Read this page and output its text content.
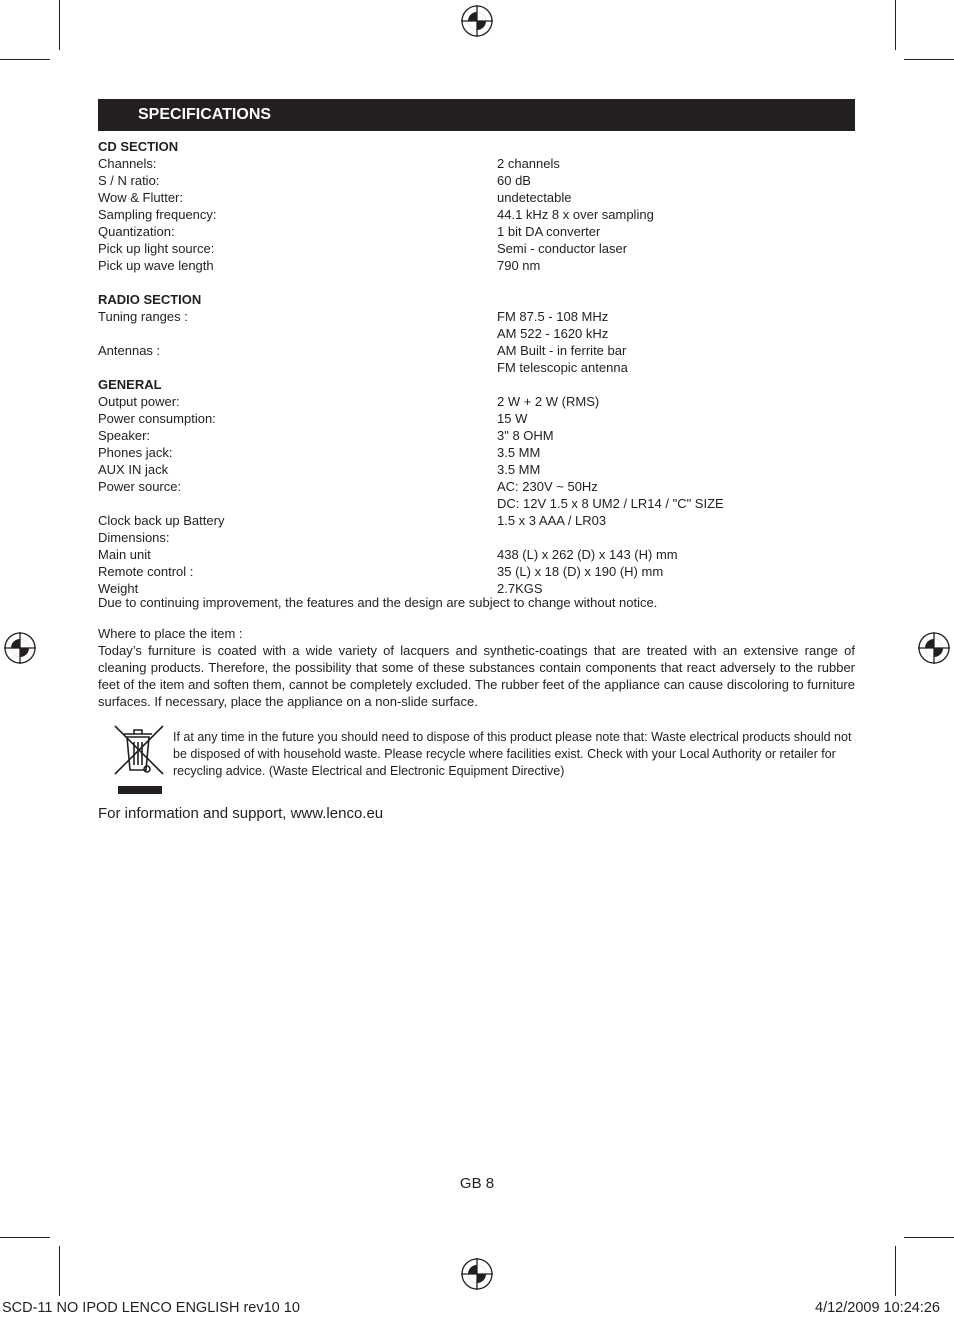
SPECIFICATIONS
CD SECTION
Channels:	2 channels
S / N ratio:	60 dB
Wow & Flutter:	undetectable
Sampling frequency:	44.1 kHz 8 x over sampling
Quantization:	1 bit DA converter
Pick up light source:	Semi - conductor laser
Pick up wave length	790 nm
RADIO SECTION
Tuning ranges :	FM 87.5 - 108 MHz
AM 522 - 1620 kHz
Antennas :	AM Built - in ferrite bar
FM telescopic antenna
GENERAL
Output power:	2 W + 2 W (RMS)
Power consumption:	15 W
Speaker:	3" 8 OHM
Phones jack:	3.5 MM
AUX IN jack	3.5 MM
Power source:	AC: 230V ~ 50Hz
DC: 12V 1.5 x 8 UM2 / LR14 / "C" SIZE
Clock back up Battery	1.5 x 3 AAA / LR03
Dimensions:
Main unit	438 (L) x 262 (D) x 143 (H) mm
Remote control :	35 (L) x 18 (D) x 190 (H) mm
Weight	2.7KGS
Due to continuing improvement, the features and the design are subject to change without notice.
Where to place the item :

Today’s furniture is coated with a wide variety of lacquers and synthetic-coatings that are treated with an extensive range of cleaning products. Therefore, the possibility that some of these substances contain components that react adversely to the rubber feet of the item and soften them, cannot be completely excluded. The rubber feet of the appliance can cause discoloring to furniture surfaces. If necessary, place the appliance on a non-slide surface.

If at any time in the future you should need to dispose of this product please note that: Waste electrical products should not be disposed of with household waste. Please recycle where facilities exist. Check with your Local Authority or retailer for recycling advice. (Waste Electrical and Electronic Equipment Directive)
For information and support, www.lenco.eu
GB 8
SCD-11 NO IPOD LENCO ENGLISH rev10 10	4/12/2009 10:24:26
